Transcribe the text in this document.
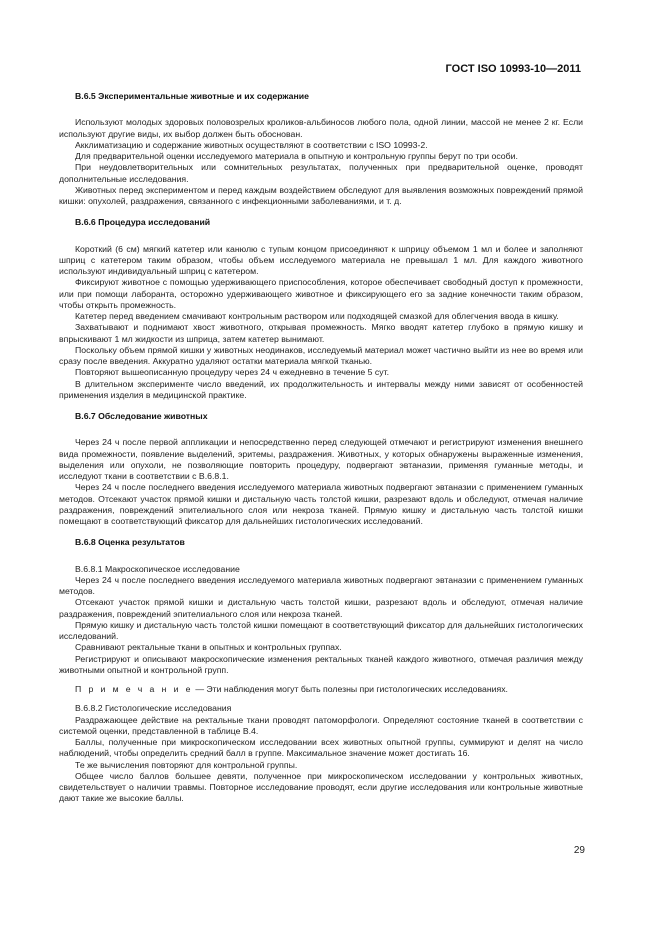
ГОСТ ISO 10993-10—2011
B.6.5 Экспериментальные животные и их содержание

Используют молодых здоровых половозрелых кроликов-альбиносов любого пола, одной линии, массой не менее 2 кг. Если используют другие виды, их выбор должен быть обоснован.

Акклиматизацию и содержание животных осуществляют в соответствии с ISO 10993-2.

Для предварительной оценки исследуемого материала в опытную и контрольную группы берут по три особи.

При неудовлетворительных или сомнительных результатах, полученных при предварительной оценке, проводят дополнительные исследования.

Животных перед экспериментом и перед каждым воздействием обследуют для выявления возможных повреждений прямой кишки: опухолей, раздражения, связанного с инфекционными заболеваниями, и т. д.

B.6.6 Процедура исследований

Короткий (6 см) мягкий катетер или канюлю с тупым концом присоединяют к шприцу объемом 1 мл и более и заполняют шприц с катетером таким образом, чтобы объем исследуемого материала не превышал 1 мл. Для каждого животного используют индивидуальный шприц с катетером.

Фиксируют животное с помощью удерживающего приспособления, которое обеспечивает свободный доступ к промежности, или при помощи лаборанта, осторожно удерживающего животное и фиксирующего его за задние конечности таким образом, чтобы открыть промежность.

Катетер перед введением смачивают контрольным раствором или подходящей смазкой для облегчения ввода в кишку.

Захватывают и поднимают хвост животного, открывая промежность. Мягко вводят катетер глубоко в прямую кишку и впрыскивают 1 мл жидкости из шприца, затем катетер вынимают.

Поскольку объем прямой кишки у животных неодинаков, исследуемый материал может частично выйти из нее во время или сразу после введения. Аккуратно удаляют остатки материала мягкой тканью.

Повторяют вышеописанную процедуру через 24 ч ежедневно в течение 5 сут.

В длительном эксперименте число введений, их продолжительность и интервалы между ними зависят от особенностей применения изделия в медицинской практике.

B.6.7 Обследование животных

Через 24 ч после первой аппликации и непосредственно перед следующей отмечают и регистрируют изменения внешнего вида промежности, появление выделений, эритемы, раздражения. Животных, у которых обнаружены выраженные изменения, выделения или опухоли, не позволяющие повторить процедуру, подвергают эвтаназии, применяя гуманные методы, и исследуют ткани в соответствии с B.6.8.1.

Через 24 ч после последнего введения исследуемого материала животных подвергают эвтаназии с применением гуманных методов. Отсекают участок прямой кишки и дистальную часть толстой кишки, разрезают вдоль и обследуют, отмечая наличие раздражения, повреждений эпителиального слоя или некроза тканей. Прямую кишку и дистальную часть толстой кишки помещают в соответствующий фиксатор для дальнейших гистологических исследований.

B.6.8 Оценка результатов

B.6.8.1 Макроскопическое исследование

Через 24 ч после последнего введения исследуемого материала животных подвергают эвтаназии с применением гуманных методов.

Отсекают участок прямой кишки и дистальную часть толстой кишки, разрезают вдоль и обследуют, отмечая наличие раздражения, повреждений эпителиального слоя или некроза тканей.

Прямую кишку и дистальную часть толстой кишки помещают в соответствующий фиксатор для дальнейших гистологических исследований.

Сравнивают ректальные ткани в опытных и контрольных группах.

Регистрируют и описывают макроскопические изменения ректальных тканей каждого животного, отмечая различия между животными опытной и контрольной групп.

П р и м е ч а н и е — Эти наблюдения могут быть полезны при гистологических исследованиях.

B.6.8.2 Гистологические исследования

Раздражающее действие на ректальные ткани проводят патоморфологи. Определяют состояние тканей в соответствии с системой оценки, представленной в таблице B.4.

Баллы, полученные при микроскопическом исследовании всех животных опытной группы, суммируют и делят на число наблюдений, чтобы определить средний балл в группе. Максимальное значение может достигать 16.

Те же вычисления повторяют для контрольной группы.

Общее число баллов большее девяти, полученное при микроскопическом исследовании у контрольных животных, свидетельствует о наличии травмы. Повторное исследование проводят, если другие исследования или контрольные животные дают такие же высокие баллы.

29
